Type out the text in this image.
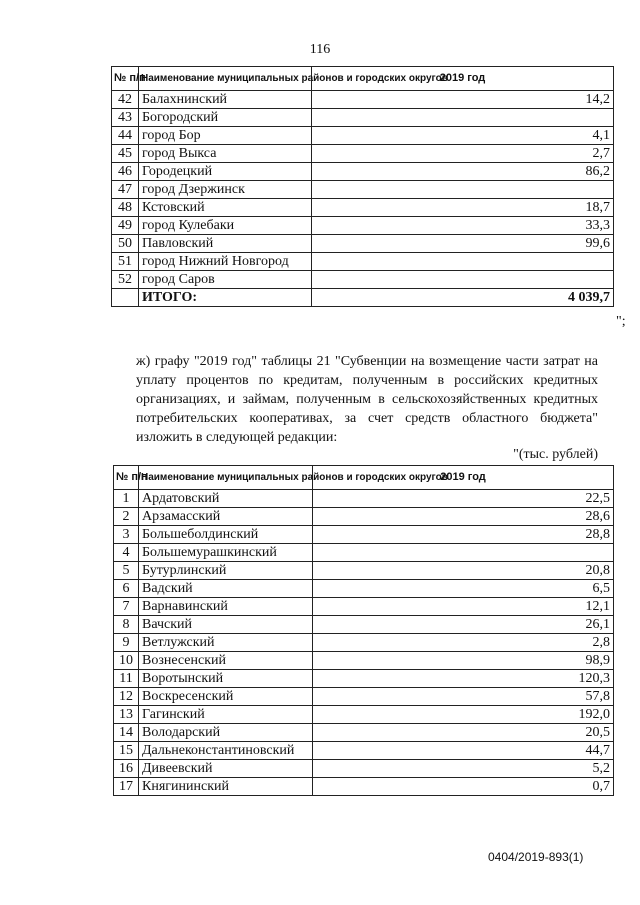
116
№ п/п	Наименование муниципальных районов и городских округов	2019 год
42	Балахнинский	14,2
43	Богородский	
44	город Бор	4,1
45	город Выкса	2,7
46	Городецкий	86,2
47	город Дзержинск	
48	Кстовский	18,7
49	город Кулебаки	33,3
50	Павловский	99,6
51	город Нижний Новгород	
52	город Саров	
	ИТОГО:	4 039,7
";
ж) графу "2019 год" таблицы 21 "Субвенции на возмещение части затрат на уплату процентов по кредитам, полученным в российских кредитных организациях, и займам, полученным в сельскохозяйственных кредитных потребительских кооперативах, за счет средств областного бюджета" изложить в следующей редакции:
"(тыс. рублей)
№ п/п	Наименование муниципальных районов и городских округов	2019 год
1	Ардатовский	22,5
2	Арзамасский	28,6
3	Большеболдинский	28,8
4	Большемурашкинский	
5	Бутурлинский	20,8
6	Вадский	6,5
7	Варнавинский	12,1
8	Вачский	26,1
9	Ветлужский	2,8
10	Вознесенский	98,9
11	Воротынский	120,3
12	Воскресенский	57,8
13	Гагинский	192,0
14	Володарский	20,5
15	Дальнеконстантиновский	44,7
16	Дивеевский	5,2
17	Княгининский	0,7
0404/2019-893(1)
